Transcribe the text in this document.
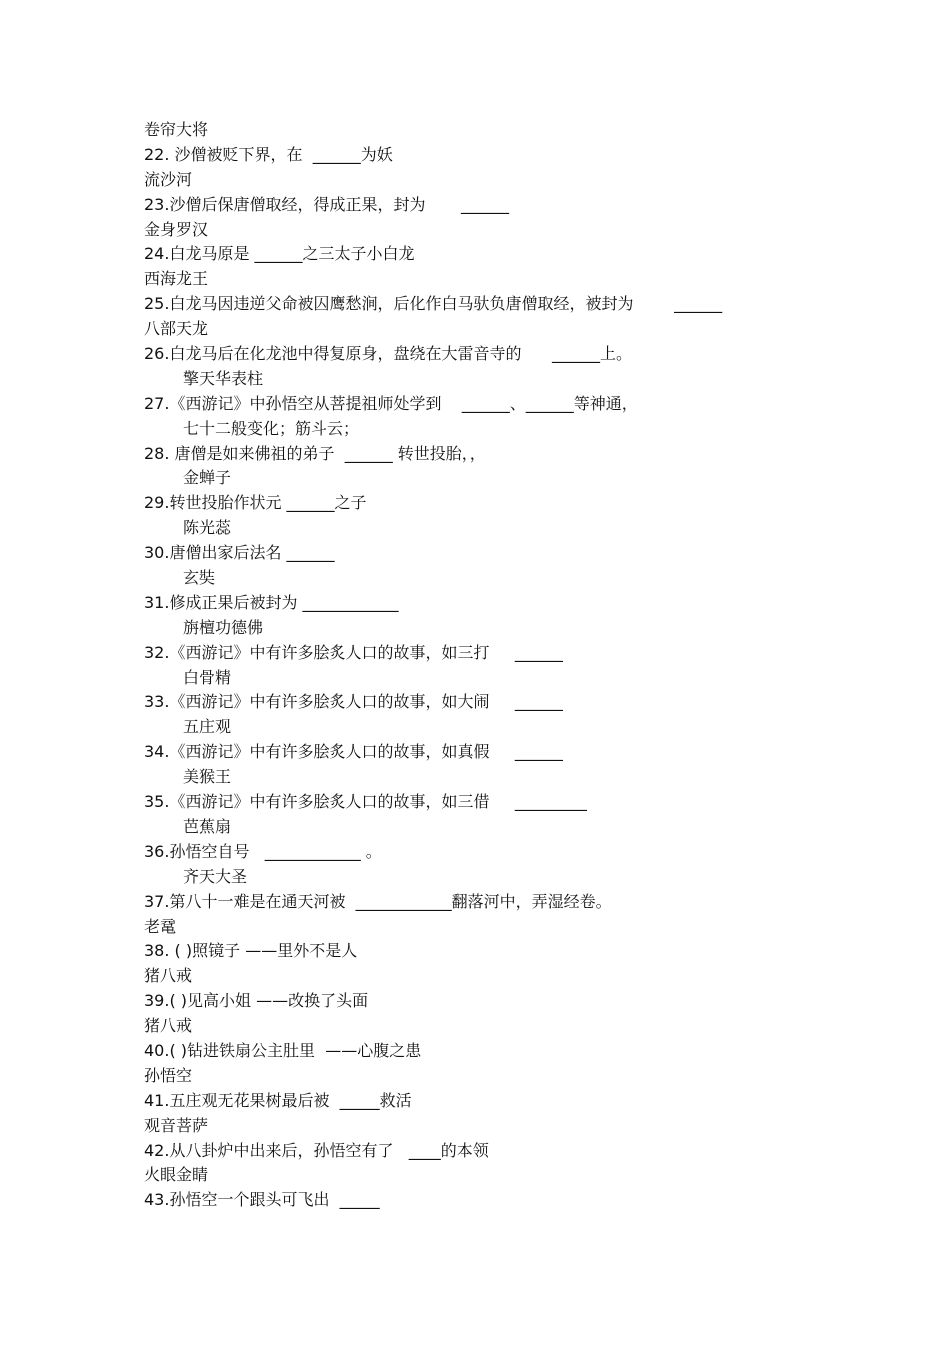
卷帘大将
22. 沙僧被贬下界，在  ______为妖
流沙河
23.沙僧后保唐僧取经，得成正果，封为       ______
金身罗汉
24.白龙马原是 ______之三太子小白龙
西海龙王
25.白龙马因违逆父命被囚鹰愁涧，后化作白马驮负唐僧取经，被封为        ______
八部天龙
26.白龙马后在化龙池中得复原身，盘绕在大雷音寺的      ______上。
擎天华表柱
27.《西游记》中孙悟空从菩提祖师处学到    ______、______等神通，
七十二般变化；筋斗云；
28. 唐僧是如来佛祖的弟子  ______ 转世投胎，，
金蝉子
29.转世投胎作状元 ______之子
陈光蕊
30.唐僧出家后法名 ______
玄奘
31.修成正果后被封为 ____________
旃檀功德佛
32.《西游记》中有许多脍炙人口的故事，如三打     ______
白骨精
33.《西游记》中有许多脍炙人口的故事，如大闹     ______
五庄观
34.《西游记》中有许多脍炙人口的故事，如真假     ______
美猴王
35.《西游记》中有许多脍炙人口的故事，如三借     _________
芭蕉扇
36.孙悟空自号   ____________ 。
齐天大圣
37.第八十一难是在通天河被  ____________翻落河中，弄湿经卷。
老鼋
38. ( )照镜子 ——里外不是人
猪八戒
39.( )见高小姐 ——改换了头面
猪八戒
40.( )钻进铁扇公主肚里  ——心腹之患
孙悟空
41.五庄观无花果树最后被  _____救活
观音菩萨
42.从八卦炉中出来后，孙悟空有了   ____的本领
火眼金睛
43.孙悟空一个跟头可飞出  _____
